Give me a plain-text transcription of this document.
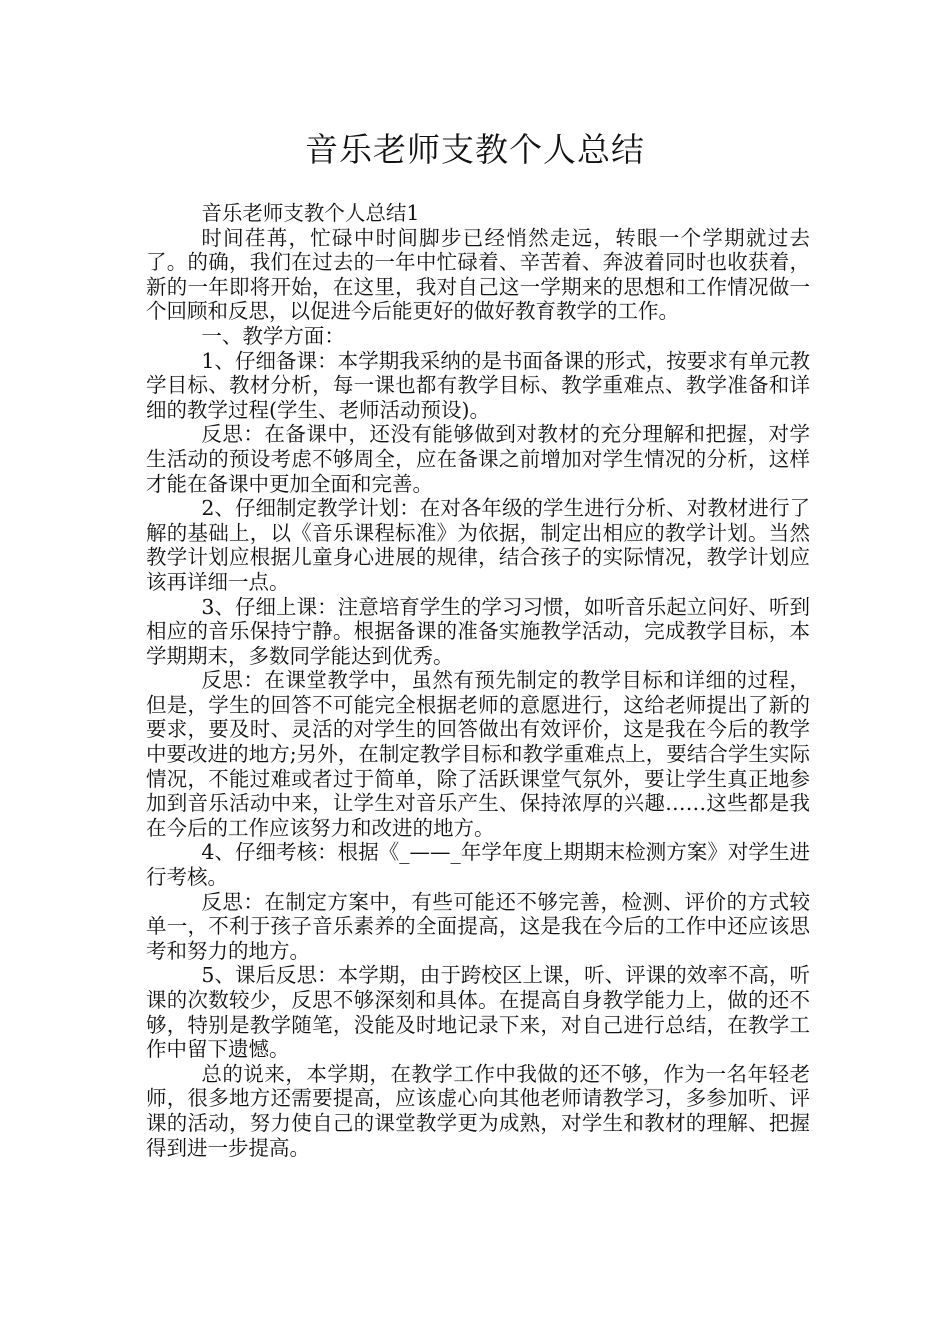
音乐老师支教个人总结

音乐老师支教个人总结1

时间荏苒，忙碌中时间脚步已经悄然走远，转眼一个学期就过去了。的确，我们在过去的一年中忙碌着、辛苦着、奔波着同时也收获着，新的一年即将开始，在这里，我对自己这一学期来的思想和工作情况做一个回顾和反思，以促进今后能更好的做好教育教学的工作。

一、教学方面：

1、仔细备课：本学期我采纳的是书面备课的形式，按要求有单元教学目标、教材分析，每一课也都有教学目标、教学重难点、教学准备和详细的教学过程(学生、老师活动预设)。

反思：在备课中，还没有能够做到对教材的充分理解和把握，对学生活动的预设考虑不够周全，应在备课之前增加对学生情况的分析，这样才能在备课中更加全面和完善。

2、仔细制定教学计划：在对各年级的学生进行分析、对教材进行了解的基础上，以《音乐课程标准》为依据，制定出相应的教学计划。当然教学计划应根据儿童身心进展的规律，结合孩子的实际情况，教学计划应该再详细一点。

3、仔细上课：注意培育学生的学习习惯，如听音乐起立问好、听到相应的音乐保持宁静。根据备课的准备实施教学活动，完成教学目标，本学期期末，多数同学能达到优秀。

反思：在课堂教学中，虽然有预先制定的教学目标和详细的过程，但是，学生的回答不可能完全根据老师的意愿进行，这给老师提出了新的要求，要及时、灵活的对学生的回答做出有效评价，这是我在今后的教学中要改进的地方;另外，在制定教学目标和教学重难点上，要结合学生实际情况，不能过难或者过于简单，除了活跃课堂气氛外，要让学生真正地参加到音乐活动中来，让学生对音乐产生、保持浓厚的兴趣……这些都是我在今后的工作应该努力和改进的地方。

4、仔细考核：根据《_——_年学年度上期期末检测方案》对学生进行考核。

反思：在制定方案中，有些可能还不够完善，检测、评价的方式较单一，不利于孩子音乐素养的全面提高，这是我在今后的工作中还应该思考和努力的地方。

5、课后反思：本学期，由于跨校区上课，听、评课的效率不高，听课的次数较少，反思不够深刻和具体。在提高自身教学能力上，做的还不够，特别是教学随笔，没能及时地记录下来，对自己进行总结，在教学工作中留下遗憾。

总的说来，本学期，在教学工作中我做的还不够，作为一名年轻老师，很多地方还需要提高，应该虚心向其他老师请教学习，多参加听、评课的活动，努力使自己的课堂教学更为成熟，对学生和教材的理解、把握得到进一步提高。
